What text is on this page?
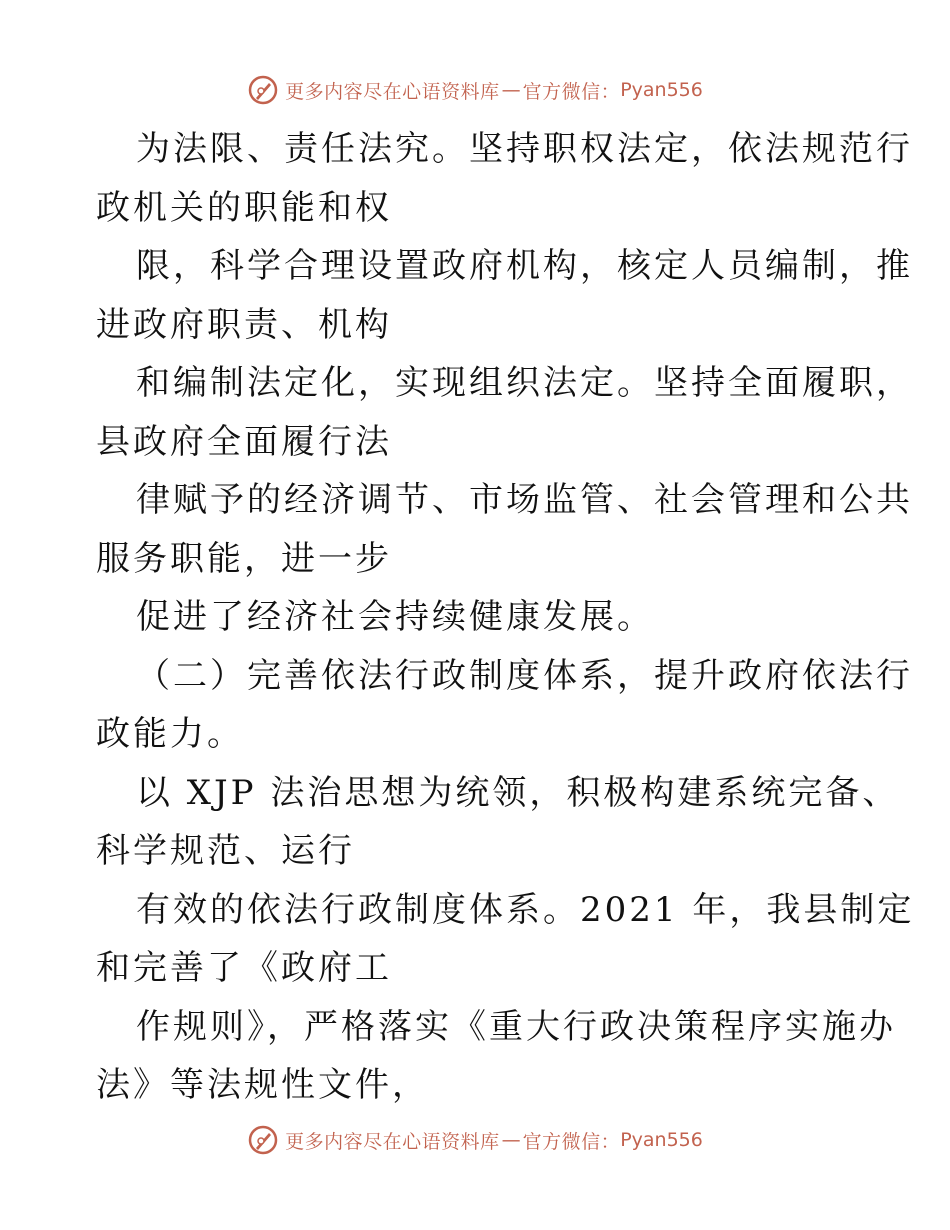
更多内容尽在心语资料库 — 官方微信： Pyan556
为法限、责任法究。坚持职权法定，依法规范行
政机关的职能和权
限，科学合理设置政府机构，核定人员编制，推
进政府职责、机构
和编制法定化，实现组织法定。坚持全面履职，
县政府全面履行法
律赋予的经济调节、市场监管、社会管理和公共
服务职能，进一步
促进了经济社会持续健康发展。
（二）完善依法行政制度体系，提升政府依法行
政能力。
以 XJP 法治思想为统领，积极构建系统完备、
科学规范、运行
有效的依法行政制度体系。2021 年，我县制定
和完善了《政府工
作规则》，严格落实《重大行政决策程序实施办
法》等法规性文件，
更多内容尽在心语资料库 — 官方微信： Pyan556
